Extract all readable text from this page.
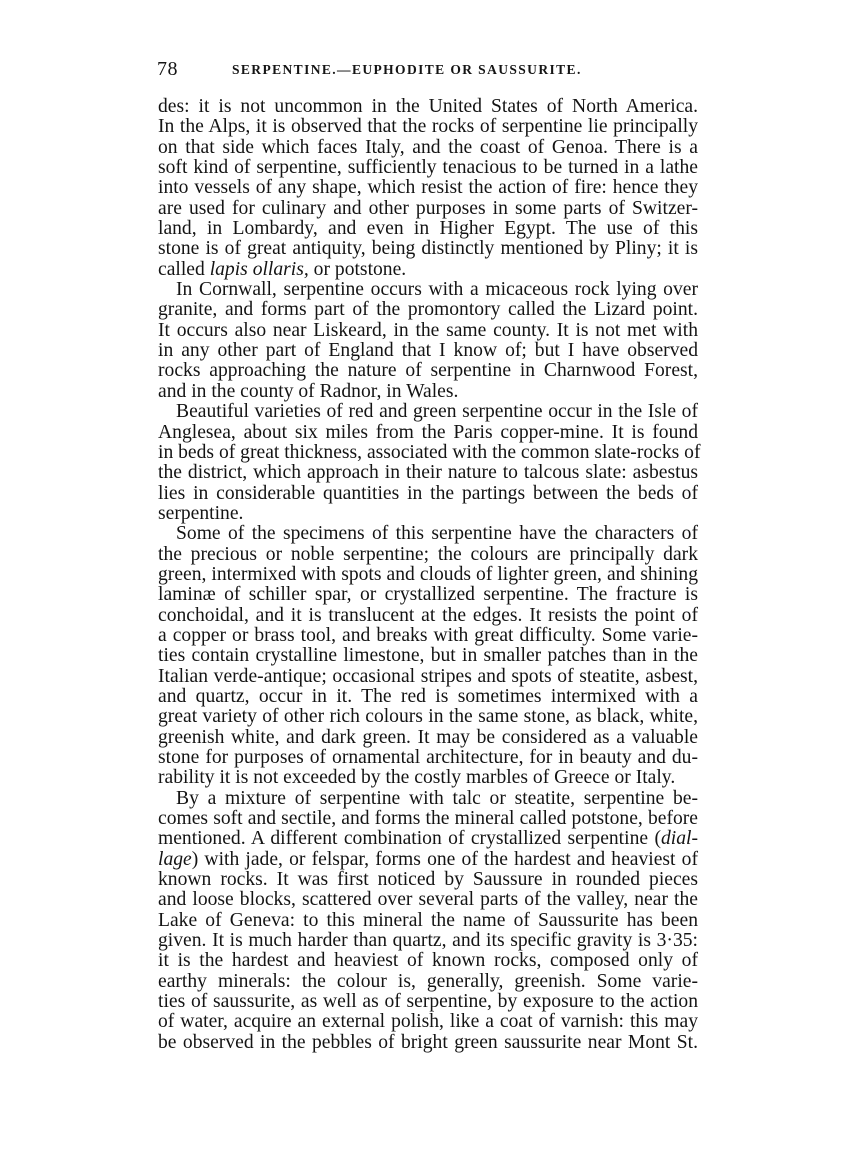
78	SERPENTINE.—EUPHODITE OR SAUSSURITE.
des: it is not uncommon in the United States of North America.
In the Alps, it is observed that the rocks of serpentine lie principally
on that side which faces Italy, and the coast of Genoa. There is a
soft kind of serpentine, sufficiently tenacious to be turned in a lathe
into vessels of any shape, which resist the action of fire: hence they
are used for culinary and other purposes in some parts of Switzer-
land, in Lombardy, and even in Higher Egypt. The use of this
stone is of great antiquity, being distinctly mentioned by Pliny; it is
called lapis ollaris, or potstone.
In Cornwall, serpentine occurs with a micaceous rock lying over
granite, and forms part of the promontory called the Lizard point.
It occurs also near Liskeard, in the same county. It is not met with
in any other part of England that I know of; but I have observed
rocks approaching the nature of serpentine in Charnwood Forest,
and in the county of Radnor, in Wales.
Beautiful varieties of red and green serpentine occur in the Isle of
Anglesea, about six miles from the Paris copper-mine. It is found
in beds of great thickness, associated with the common slate-rocks of
the district, which approach in their nature to talcous slate: asbestus
lies in considerable quantities in the partings between the beds of
serpentine.
Some of the specimens of this serpentine have the characters of
the precious or noble serpentine; the colours are principally dark
green, intermixed with spots and clouds of lighter green, and shining
laminæ of schiller spar, or crystallized serpentine. The fracture is
conchoidal, and it is translucent at the edges. It resists the point of
a copper or brass tool, and breaks with great difficulty. Some varie-
ties contain crystalline limestone, but in smaller patches than in the
Italian verde-antique; occasional stripes and spots of steatite, asbest,
and quartz, occur in it. The red is sometimes intermixed with a
great variety of other rich colours in the same stone, as black, white,
greenish white, and dark green. It may be considered as a valuable
stone for purposes of ornamental architecture, for in beauty and du-
rability it is not exceeded by the costly marbles of Greece or Italy.
By a mixture of serpentine with talc or steatite, serpentine be-
comes soft and sectile, and forms the mineral called potstone, before
mentioned. A different combination of crystallized serpentine (dial-
lage) with jade, or felspar, forms one of the hardest and heaviest of
known rocks. It was first noticed by Saussure in rounded pieces
and loose blocks, scattered over several parts of the valley, near the
Lake of Geneva: to this mineral the name of Saussurite has been
given. It is much harder than quartz, and its specific gravity is 3·35:
it is the hardest and heaviest of known rocks, composed only of
earthy minerals: the colour is, generally, greenish. Some varie-
ties of saussurite, as well as of serpentine, by exposure to the action
of water, acquire an external polish, like a coat of varnish: this may
be observed in the pebbles of bright green saussurite near Mont St.
